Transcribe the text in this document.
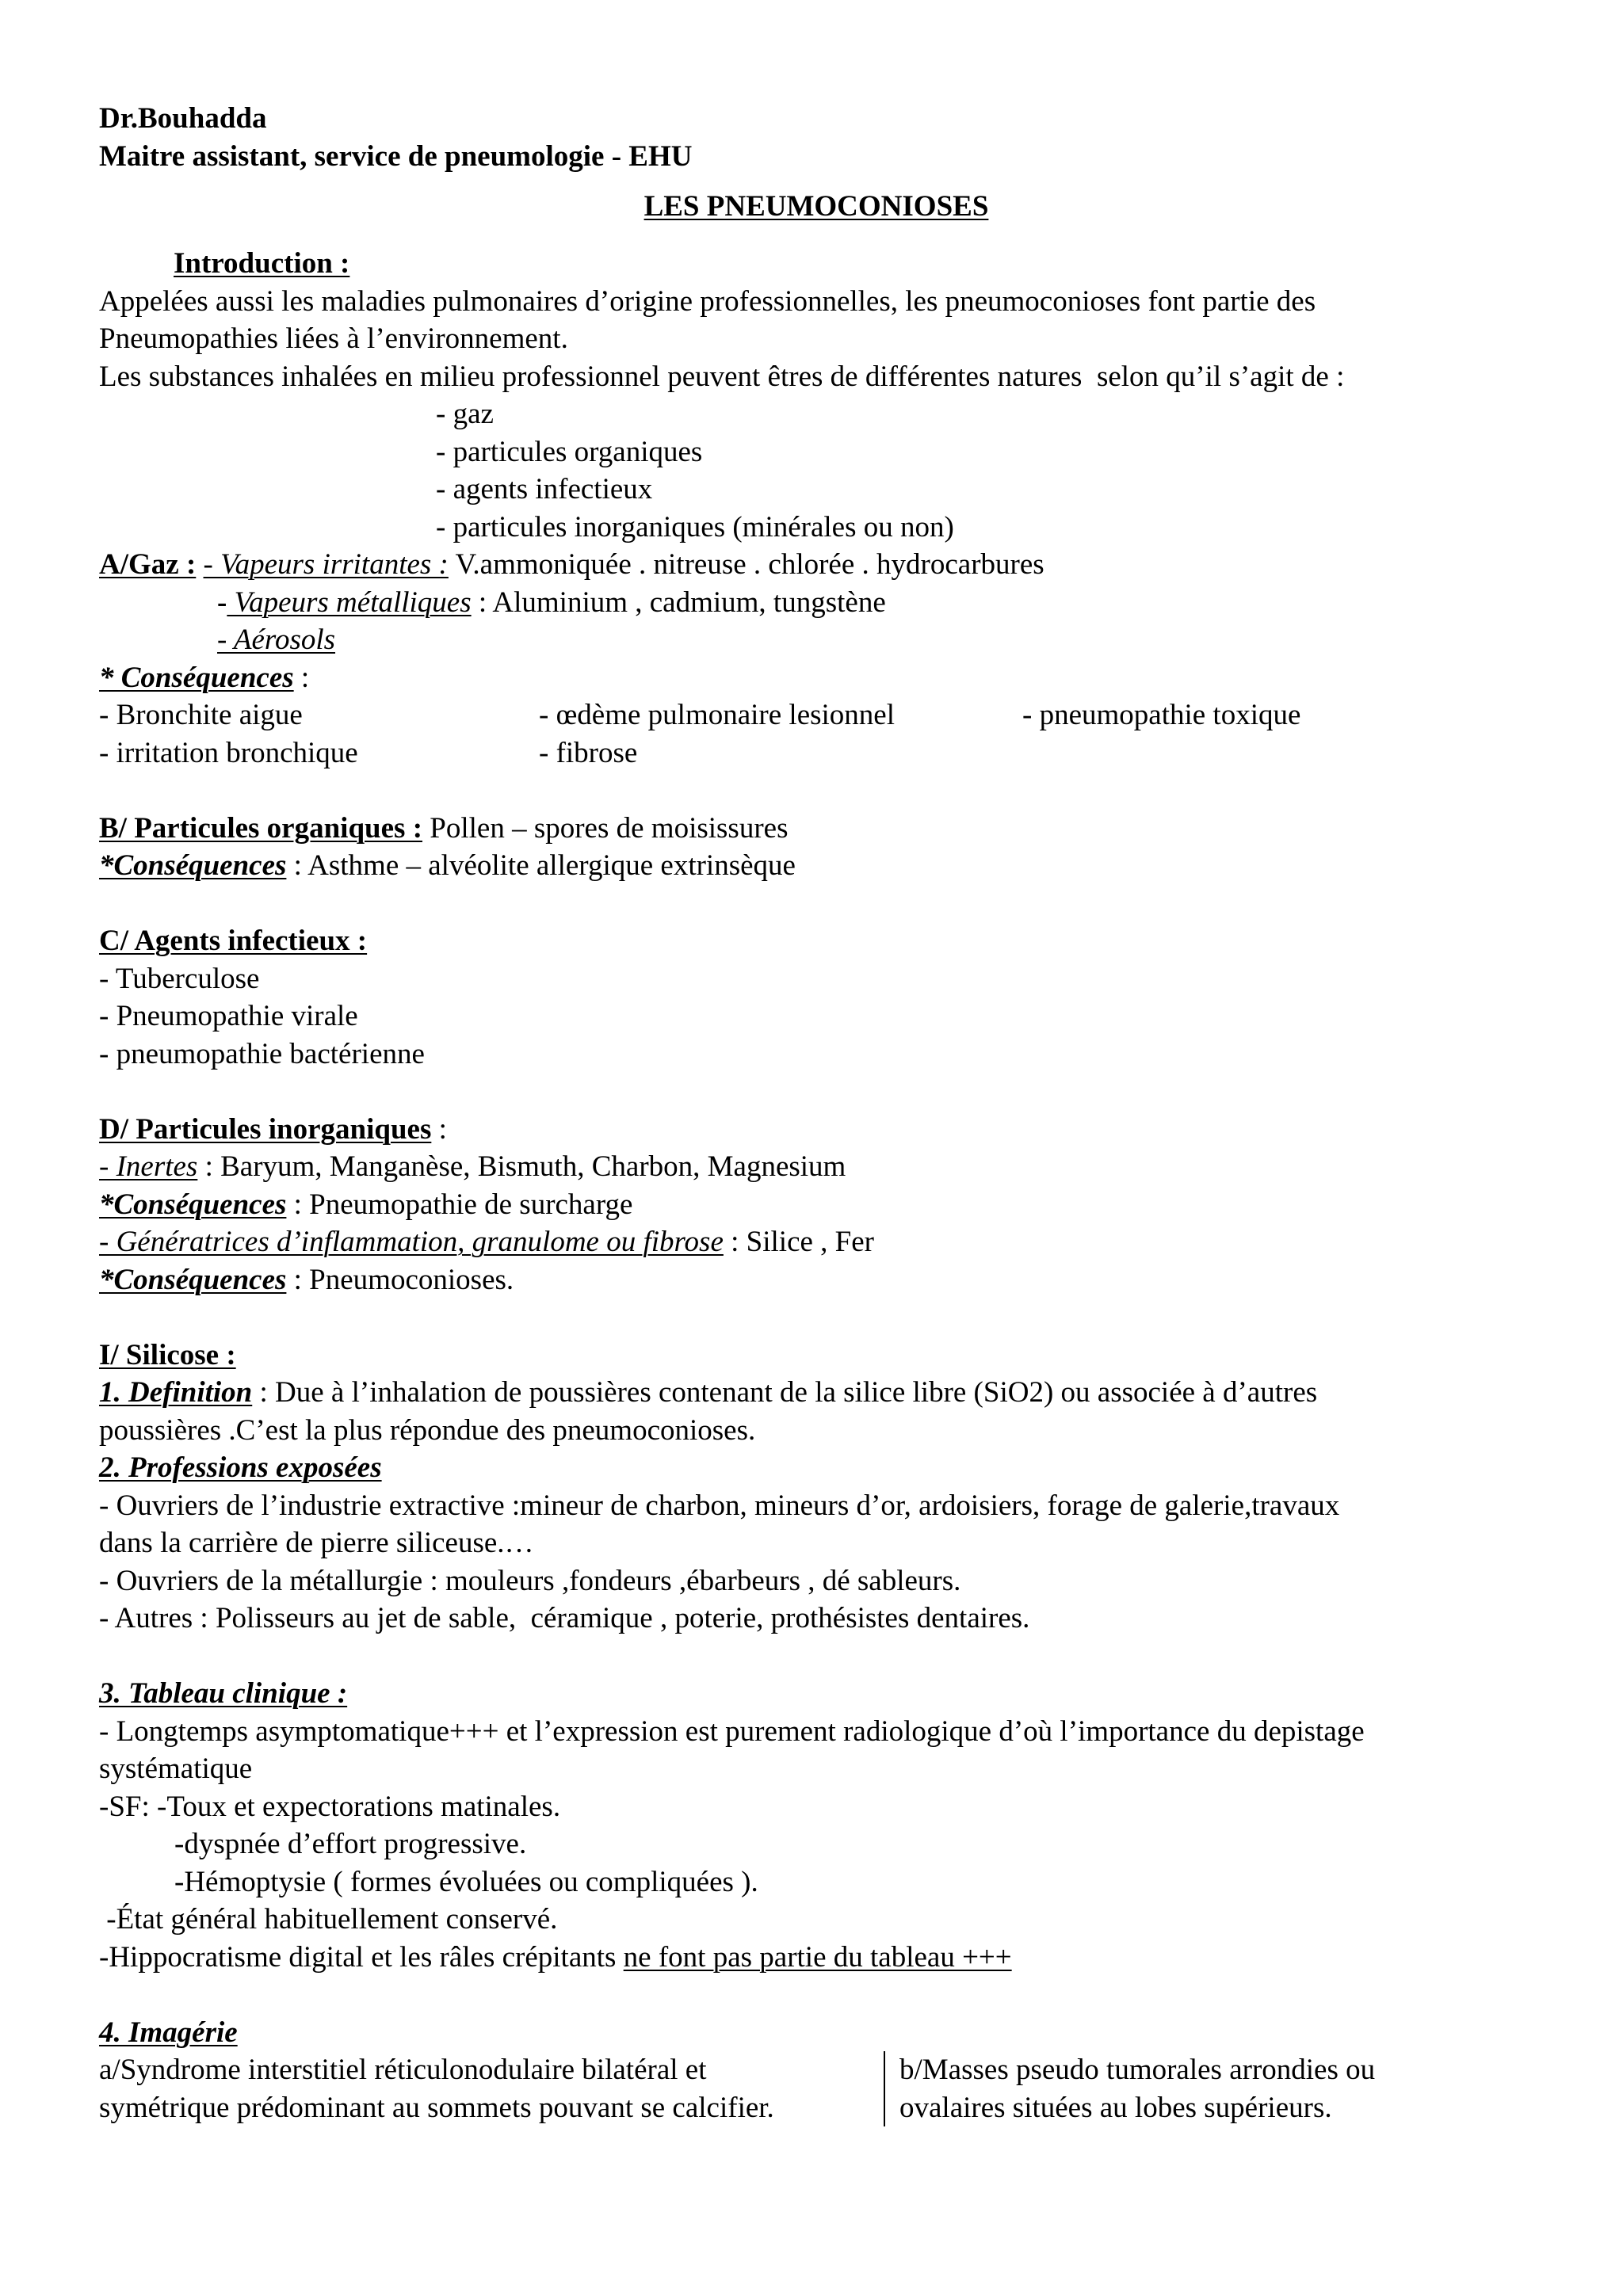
Dr.Bouhadda
Maitre assistant, service de pneumologie - EHU
LES PNEUMOCONIOSES
Introduction :
Appelées aussi les maladies pulmonaires d’origine professionnelles, les pneumoconioses font partie des
Pneumopathies liées à l’environnement.
Les substances inhalées en milieu professionnel peuvent êtres de différentes natures  selon qu’il s’agit de :
- gaz
- particules organiques
- agents infectieux
- particules inorganiques (minérales ou non)
A/Gaz : - Vapeurs irritantes : V.ammoniquée . nitreuse . chlorée . hydrocarbures
- Vapeurs métalliques : Aluminium , cadmium, tungstène
- Aérosols
* Conséquences :
- Bronchite aigue	- œdème pulmonaire lesionnel	- pneumopathie toxique
- irritation bronchique	- fibrose
B/ Particules organiques : Pollen – spores de moisissures
*Conséquences : Asthme – alvéolite allergique extrinsèque
C/ Agents infectieux :
- Tuberculose
- Pneumopathie virale
- pneumopathie bactérienne
D/ Particules inorganiques :
- Inertes : Baryum, Manganèse, Bismuth, Charbon, Magnesium
*Conséquences : Pneumopathie de surcharge
- Génératrices d’inflammation, granulome ou fibrose : Silice , Fer
*Conséquences : Pneumoconioses.
I/ Silicose :
1. Definition : Due à l’inhalation de poussières contenant de la silice libre (SiO2) ou associée à d’autres
poussières .C’est la plus répondue des pneumoconioses.
2. Professions exposées
- Ouvriers de l’industrie extractive :mineur de charbon, mineurs d’or, ardoisiers, forage de galerie,travaux
dans la carrière de pierre siliceuse.…
- Ouvriers de la métallurgie : mouleurs ,fondeurs ,ébarbeurs , dé sableurs.
- Autres : Polisseurs au jet de sable,  céramique , poterie, prothésistes dentaires.
3. Tableau clinique :
- Longtemps asymptomatique+++ et l’expression est purement radiologique d’où l’importance du depistage
systématique
-SF: -Toux et expectorations matinales.
-dyspnée d’effort progressive.
-Hémoptysie ( formes évoluées ou compliquées ).
-État général habituellement conservé.
-Hippocratisme digital et les râles crépitants ne font pas partie du tableau +++
4. Imagérie
a/Syndrome interstitiel réticulonodulaire bilatéral et
symétrique prédominant au sommets pouvant se calcifier.
b/Masses pseudo tumorales arrondies ou
ovalaires situées au lobes supérieurs.
